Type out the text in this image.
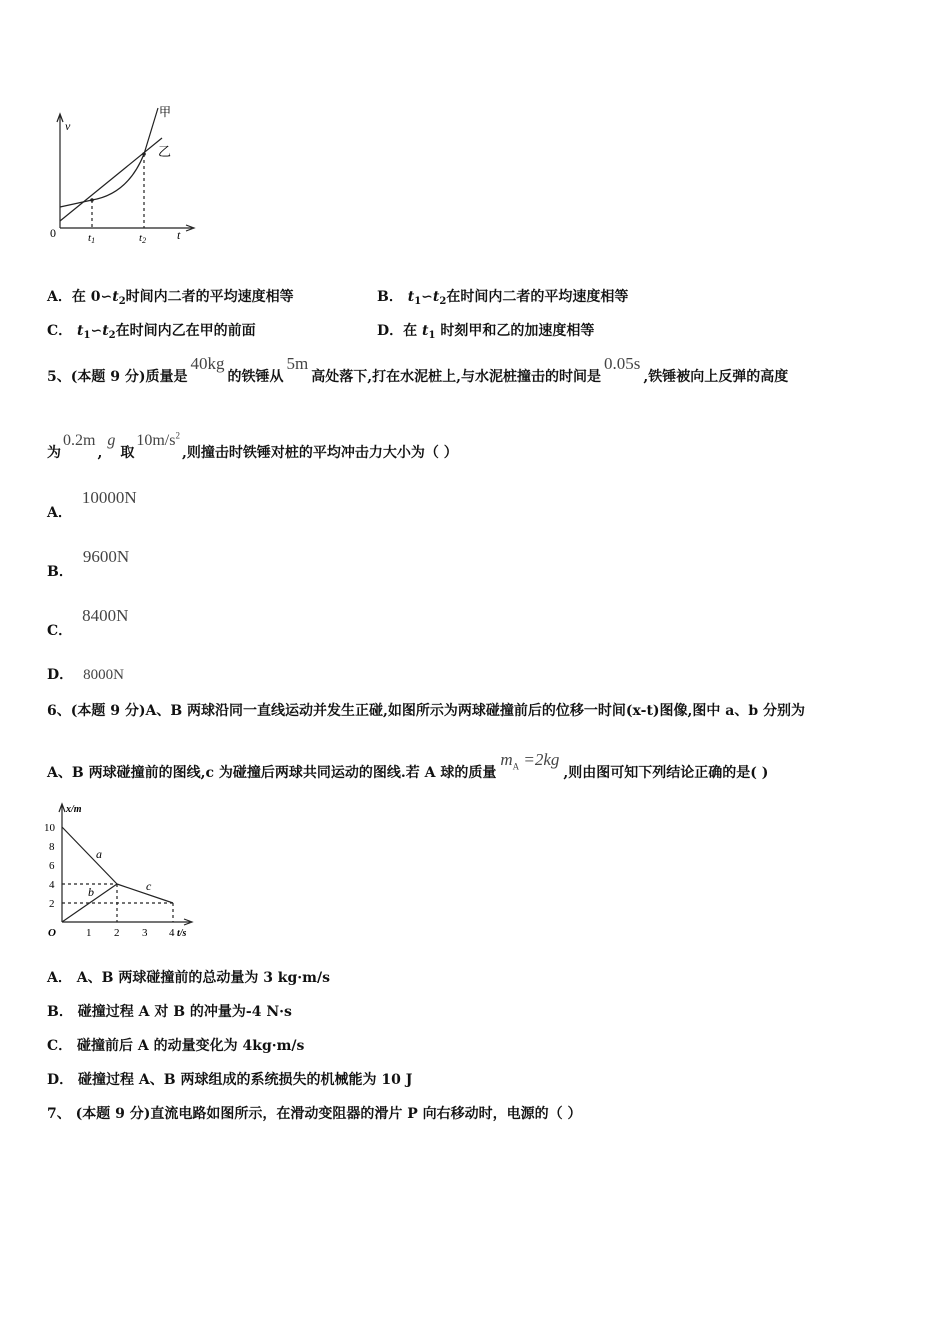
v
t
0
甲
乙
t1	t2
A．在 $0∽t_2$时间内二者的平均速度相等	B． $t_1∽t_2$在时间内二者的平均速度相等
C． $t_1∽t_2$在时间内乙在甲的前面	D．在 $t_1$ 时刻甲和乙的加速度相等
5、(本题 9 分)质量是40kg的铁锤从5m高处落下,打在水泥桩上,与水泥桩撞击的时间是0.05s,铁锤被向上反弹的高度
为0.2m,g取$10m/s^2$,则撞击时铁锤对桩的平均冲击力大小为（ ）
A．10000N
B．9600N
C．8400N
D． 8000N
6、(本题 9 分)A、B 两球沿同一直线运动并发生正碰,如图所示为两球碰撞前后的位移一时间(x-t)图像,图中 a、b 分别为
A、B 两球碰撞前的图线,c 为碰撞后两球共同运动的图线.若 A 球的质量$m_A =2kg$,则由图可知下列结论正确的是( )
x/m
t/s
O
10
8
6
4
2
1 2 3 4
a
b	c
A． A、B 两球碰撞前的总动量为 3 kg·m/s
B． 碰撞过程 A 对 B 的冲量为-4 N·s
C． 碰撞前后 A 的动量变化为 4kg·m/s
D． 碰撞过程 A、B 两球组成的系统损失的机械能为 10 J
7、 (本题 9 分)直流电路如图所示，在滑动变阻器的滑片 P 向右移动时，电源的（ ）
